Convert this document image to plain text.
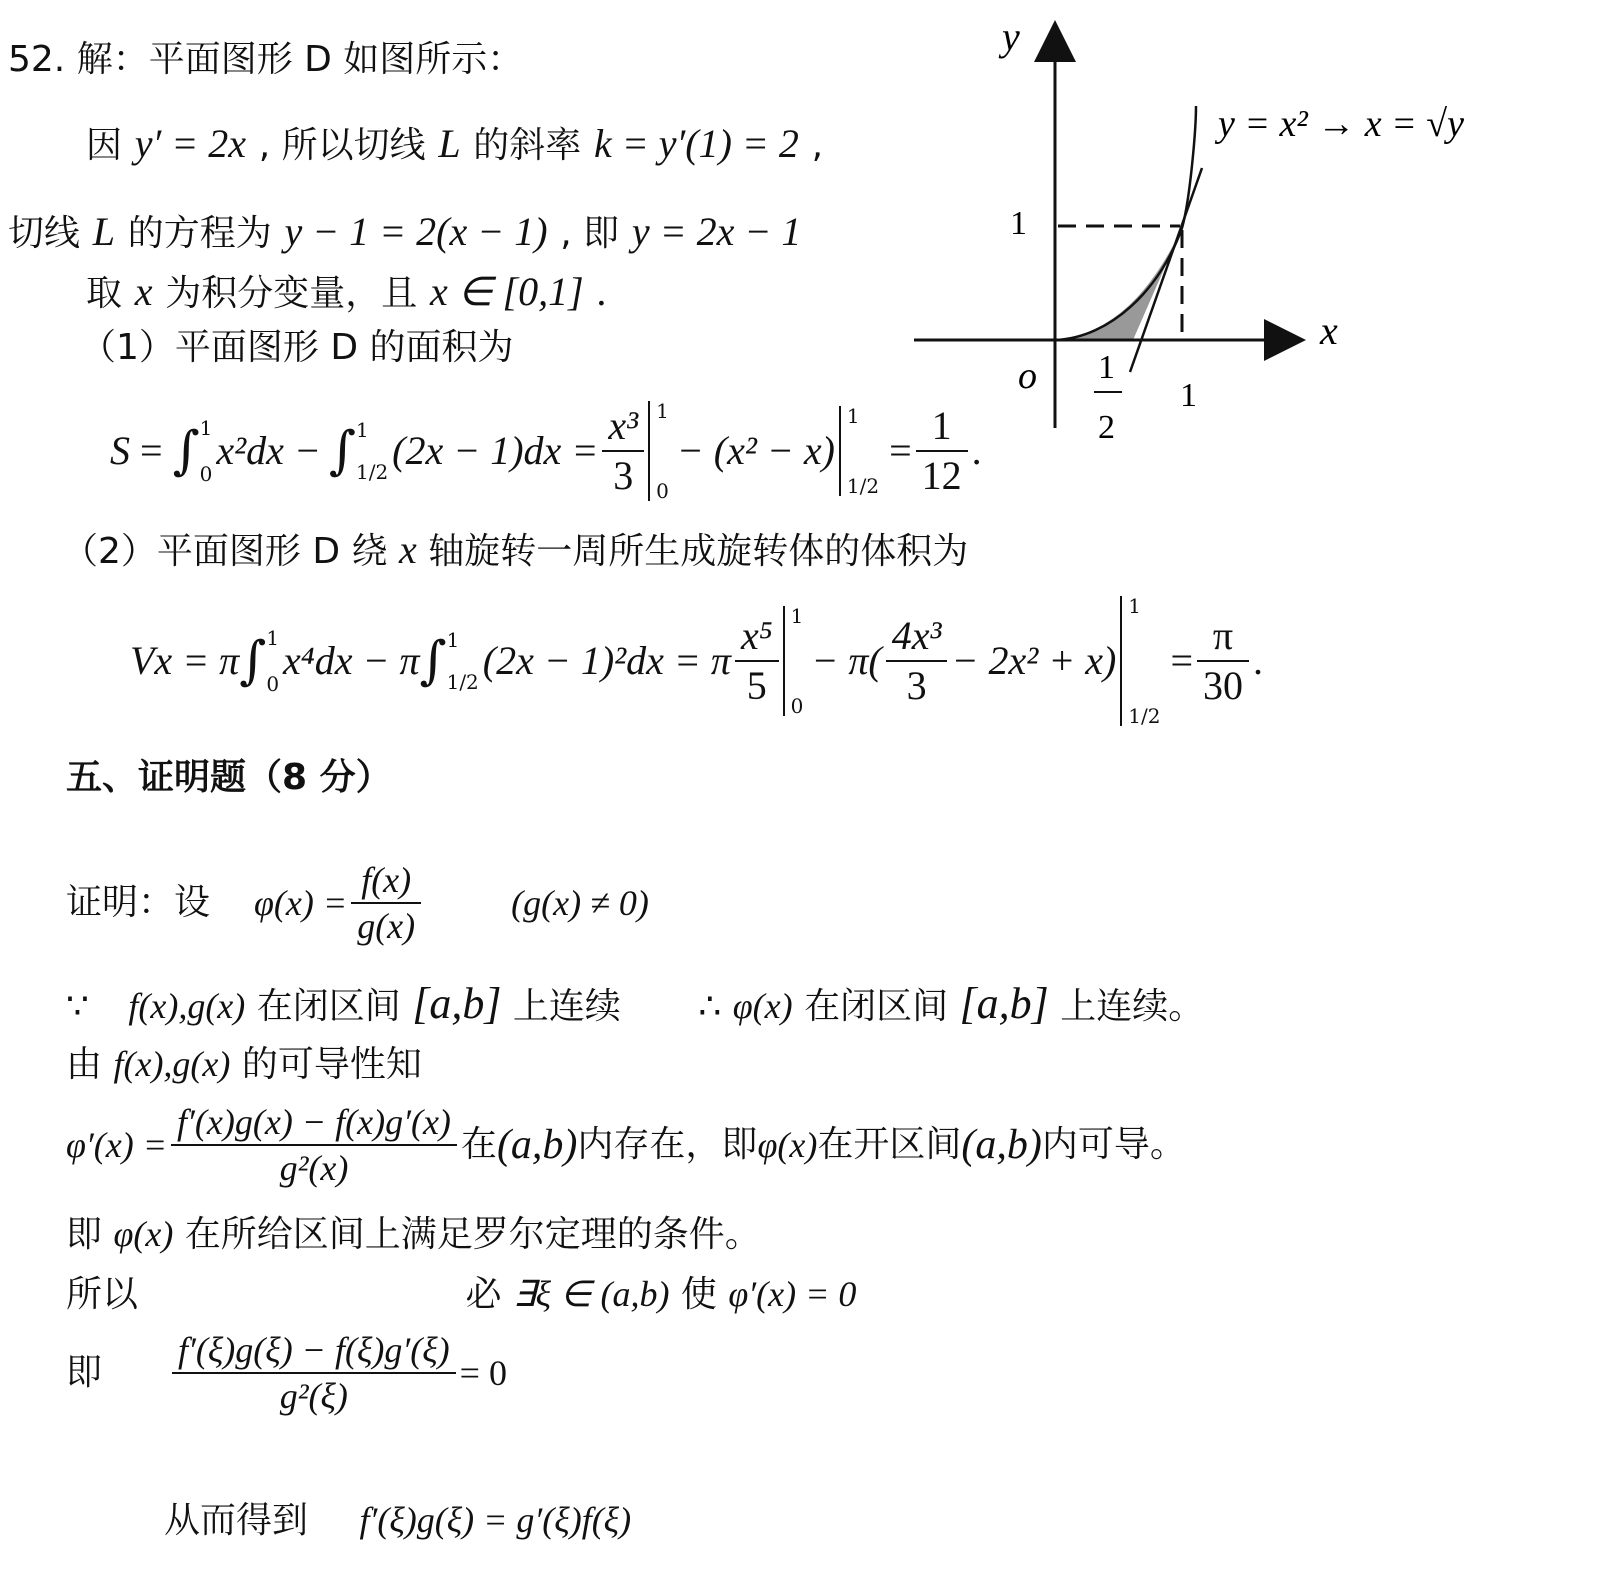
52. 解：平面图形 D 如图所示：
因 y′ = 2x , 所以切线 L 的斜率 k = y′(1) = 2 ,
切线 L 的方程为 y − 1 = 2(x − 1) , 即 y = 2x − 1
取 x 为积分变量，且 x ∈ [0,1] .
（1）平面图形 D 的面积为
S = ∫ 1
0
x²dx − ∫ 1
1/2 $(2x - 1)dx = \frac{\text{x³}}{3} 1$
0
− (x² − x)
1
1/2
= $\frac{1}{12}$ .
（2）平面图形 D 绕 x 轴旋转一周所生成旋转体的体积为
Vx = π ∫ 1
0
x⁴dx − π ∫ 1
1/2 (2x − 1)²dx = π $\frac{\text{x⁵}}{5} 1$
0
− $\pi( \frac{\text{4x³}}{3} - 2x^2 + x)$
1
1/2
= $\frac{\pi}{30}$ .
y
x
o
1
1
1
2
y = x² → x = √y
五、证明题（8 分）
证明：设 $\varphi(x) = \frac{f(x)}{g(x)}$	(g(x) ≠ 0)
∵ f(x),g(x) 在闭区间 [a,b] 上连续 ∴ φ(x) 在闭区间 [a,b] 上连续。
由 f(x),g(x) 的可导性知
$\varphi'(x) = \frac{f'(x)g(x) - f(x)g'(x)}{\text{g²(x)}}$ 在 (a,b) 内存在，即 φ(x) 在开区间 (a,b) 内可导。
即 φ(x) 在所给区间上满足罗尔定理的条件。
所以	必 ∃ξ ∈ (a,b) 使 φ′(x) = 0
即 $\frac{f'(\xi)g(\xi) - f(\xi)g'(\xi)}{\text{g²(ξ)}} = 0$
从而得到 f′(ξ)g(ξ) = g′(ξ)f(ξ)
